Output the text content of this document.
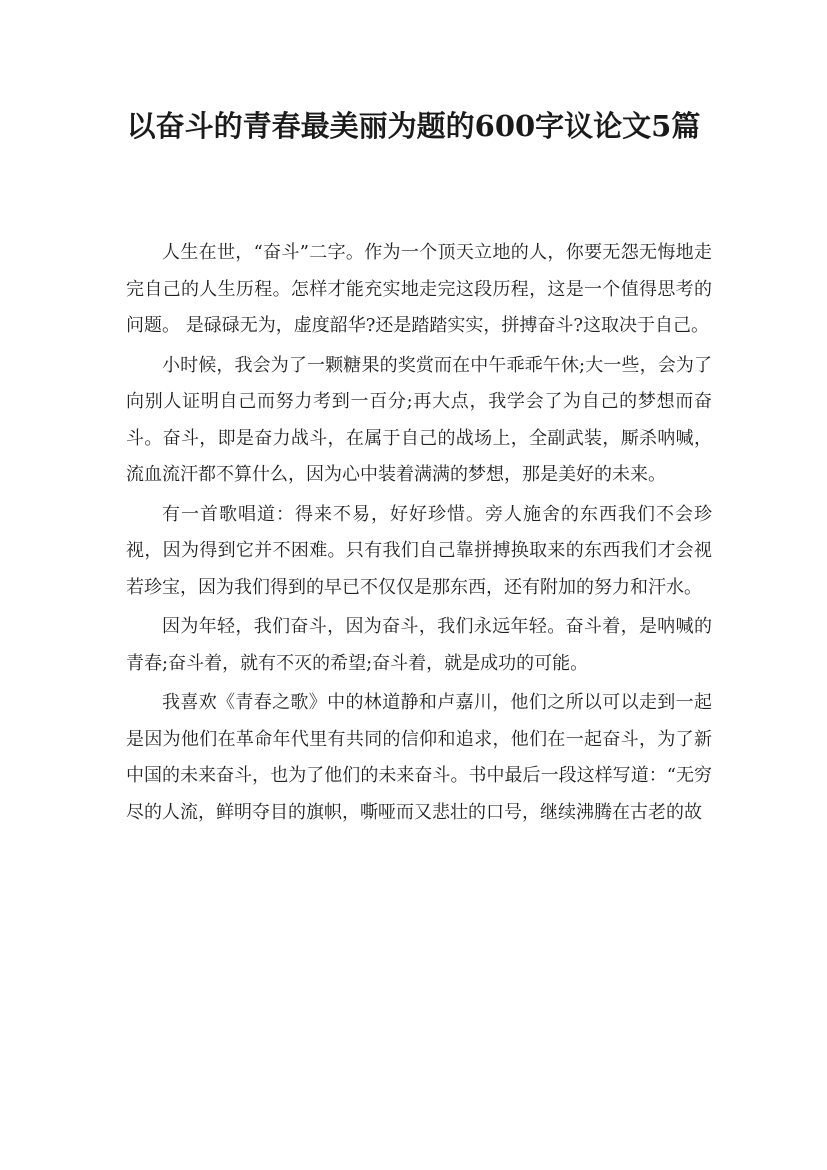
以奋斗的青春最美丽为题的600字议论文5篇

人生在世，“奋斗”二字。作为一个顶天立地的人，你要无怨无悔地走完自己的人生历程。怎样才能充实地走完这段历程，这是一个值得思考的问题。 是碌碌无为，虚度韶华?还是踏踏实实，拼搏奋斗?这取决于自己。

小时候，我会为了一颗糖果的奖赏而在中午乖乖午休;大一些，会为了向别人证明自己而努力考到一百分;再大点，我学会了为自己的梦想而奋斗。奋斗，即是奋力战斗，在属于自己的战场上，全副武装，厮杀呐喊，流血流汗都不算什么，因为心中装着满满的梦想，那是美好的未来。

有一首歌唱道：得来不易，好好珍惜。旁人施舍的东西我们不会珍视，因为得到它并不困难。只有我们自己靠拼搏换取来的东西我们才会视若珍宝，因为我们得到的早已不仅仅是那东西，还有附加的努力和汗水。

因为年轻，我们奋斗，因为奋斗，我们永远年轻。奋斗着，是呐喊的青春;奋斗着，就有不灭的希望;奋斗着，就是成功的可能。

我喜欢《青春之歌》中的林道静和卢嘉川，他们之所以可以走到一起是因为他们在革命年代里有共同的信仰和追求，他们在一起奋斗，为了新中国的未来奋斗，也为了他们的未来奋斗。书中最后一段这样写道：“无穷尽的人流，鲜明夺目的旗帜，嘶哑而又悲壮的口号，继续沸腾在古老的故
